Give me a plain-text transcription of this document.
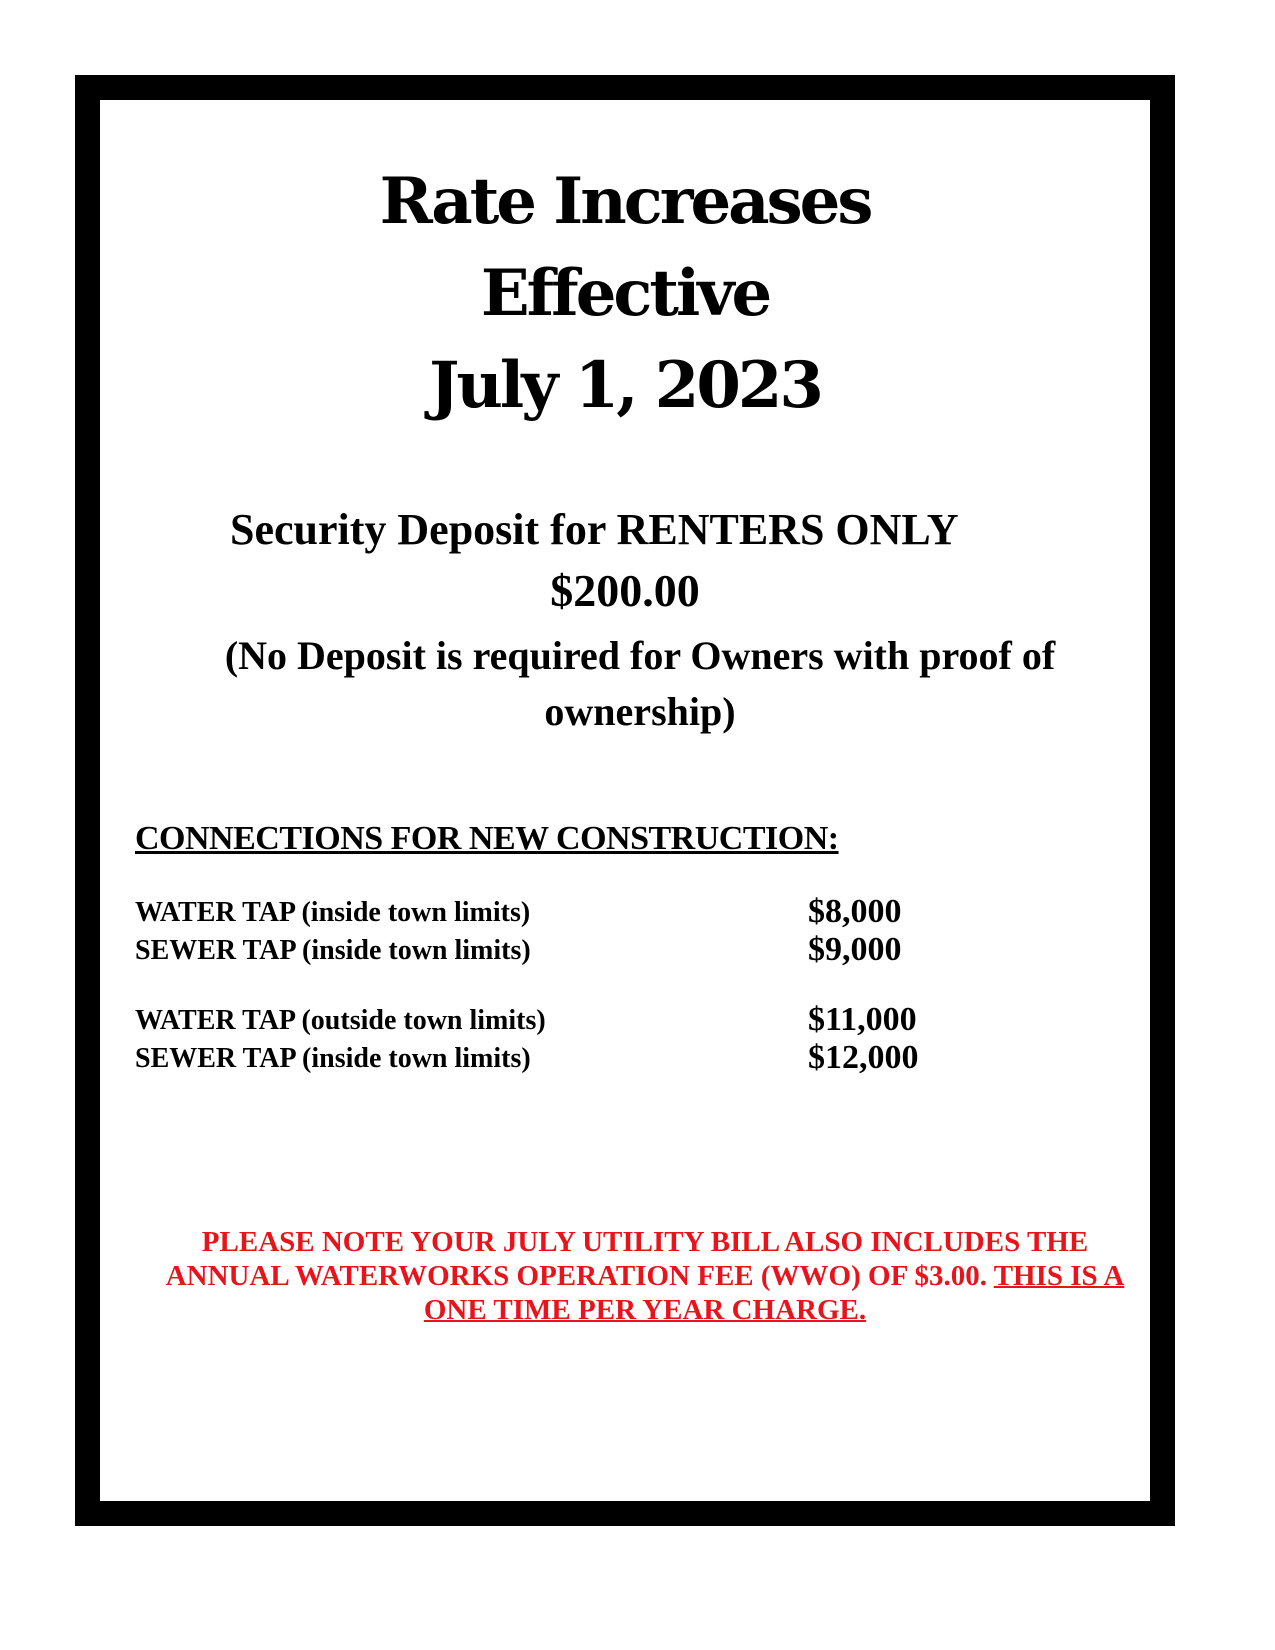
Rate Increases
Effective
July 1, 2023
Security Deposit for RENTERS ONLY
$200.00
(No Deposit is required for Owners with proof of ownership)
CONNECTIONS FOR NEW CONSTRUCTION:
WATER TAP (inside town limits)	$8,000
SEWER TAP (inside town limits)	$9,000
WATER TAP (outside town limits)	$11,000
SEWER TAP (inside town limits)	$12,000
PLEASE NOTE YOUR JULY UTILITY BILL ALSO INCLUDES THE ANNUAL WATERWORKS OPERATION FEE (WWO) OF $3.00. THIS IS A ONE TIME PER YEAR CHARGE.
